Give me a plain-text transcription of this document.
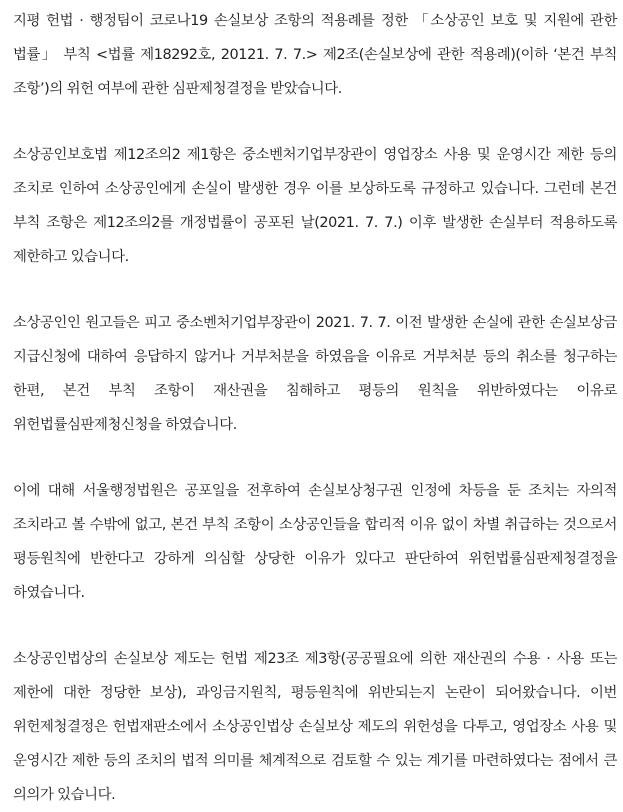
지평 헌법 · 행정팀이 코로나19 손실보상 조항의 적용례를 정한 「소상공인 보호 및 지원에 관한 법률」 부칙 <법률 제18292호, 20121. 7. 7.> 제2조(손실보상에 관한 적용례)(이하 ‘본건 부칙 조항’)의 위헌 여부에 관한 심판제청결정을 받았습니다.

소상공인보호법 제12조의2 제1항은 중소벤처기업부장관이 영업장소 사용 및 운영시간 제한 등의 조치로 인하여 소상공인에게 손실이 발생한 경우 이를 보상하도록 규정하고 있습니다. 그런데 본건 부칙 조항은 제12조의2를 개정법률이 공포된 날(2021. 7. 7.) 이후 발생한 손실부터 적용하도록 제한하고 있습니다.

소상공인인 원고들은 피고 중소벤처기업부장관이 2021. 7. 7. 이전 발생한 손실에 관한 손실보상금 지급신청에 대하여 응답하지 않거나 거부처분을 하였음을 이유로 거부처분 등의 취소를 청구하는 한편, 본건 부칙 조항이 재산권을 침해하고 평등의 원칙을 위반하였다는 이유로 위헌법률심판제청신청을 하였습니다.

이에 대해 서울행정법원은 공포일을 전후하여 손실보상청구권 인정에 차등을 둔 조치는 자의적 조치라고 볼 수밖에 없고, 본건 부칙 조항이 소상공인들을 합리적 이유 없이 차별 취급하는 것으로서 평등원칙에 반한다고 강하게 의심할 상당한 이유가 있다고 판단하여 위헌법률심판제청결정을 하였습니다.

소상공인법상의 손실보상 제도는 헌법 제23조 제3항(공공필요에 의한 재산권의 수용 · 사용 또는 제한에 대한 정당한 보상), 과잉금지원칙, 평등원칙에 위반되는지 논란이 되어왔습니다. 이번 위헌제청결정은 헌법재판소에서 소상공인법상 손실보상 제도의 위헌성을 다투고, 영업장소 사용 및 운영시간 제한 등의 조치의 법적 의미를 체계적으로 검토할 수 있는 계기를 마련하였다는 점에서 큰 의의가 있습니다.
